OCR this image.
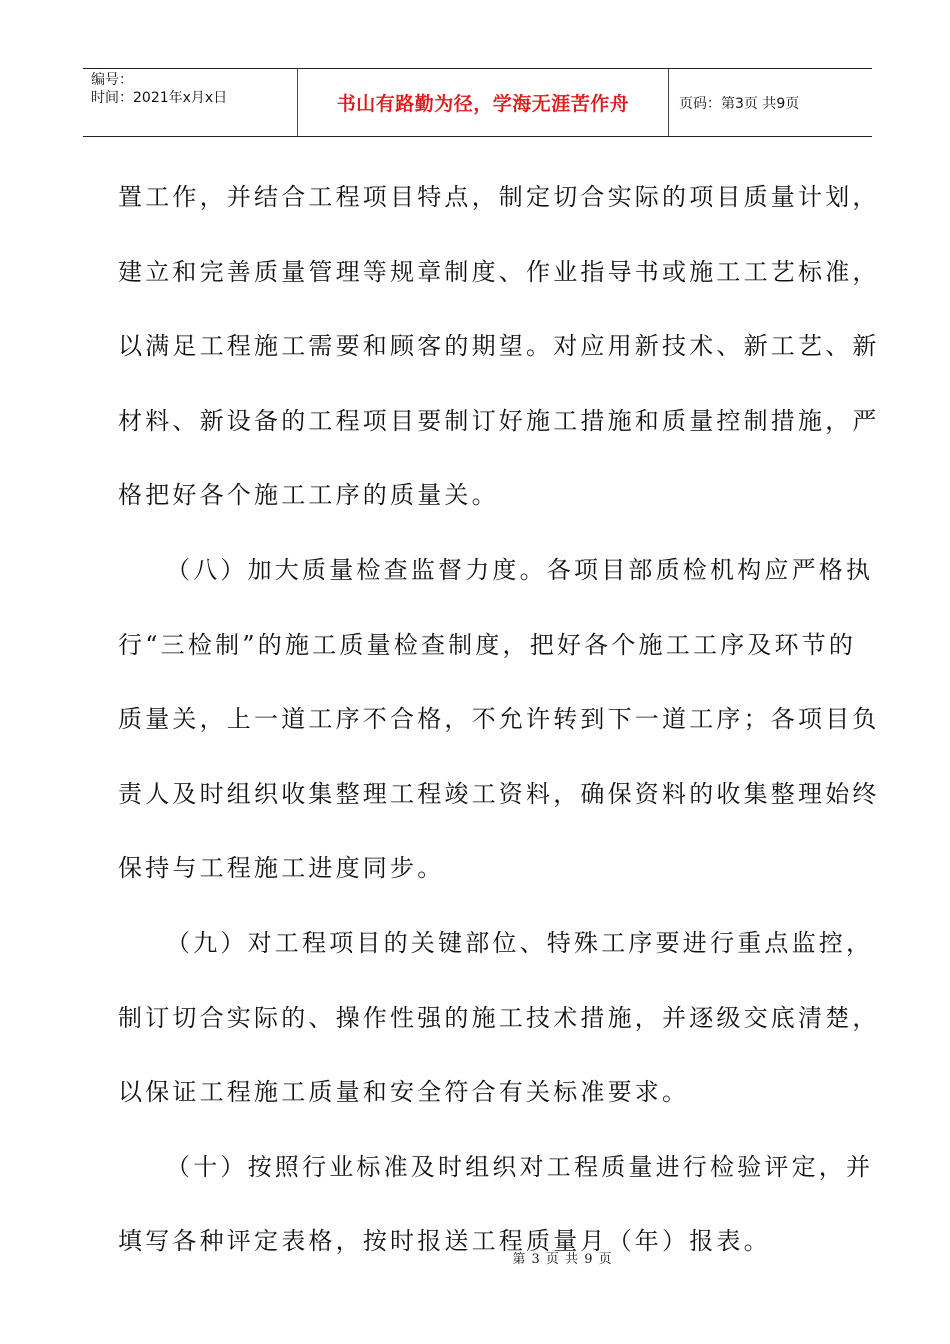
编号：
时间：2021年x月x日	书山有路勤为径，学海无涯苦作舟	页码：第3页 共9页
置工作，并结合工程项目特点，制定切合实际的项目质量计划，
建立和完善质量管理等规章制度、作业指导书或施工工艺标准，
以满足工程施工需要和顾客的期望。对应用新技术、新工艺、新
材料、新设备的工程项目要制订好施工措施和质量控制措施，严
格把好各个施工工序的质量关。
（八）加大质量检查监督力度。各项目部质检机构应严格执
行“三检制”的施工质量检查制度，把好各个施工工序及环节的
质量关，上一道工序不合格，不允许转到下一道工序；各项目负
责人及时组织收集整理工程竣工资料，确保资料的收集整理始终
保持与工程施工进度同步。
（九）对工程项目的关键部位、特殊工序要进行重点监控，
制订切合实际的、操作性强的施工技术措施，并逐级交底清楚，
以保证工程施工质量和安全符合有关标准要求。
（十）按照行业标准及时组织对工程质量进行检验评定，并
填写各种评定表格，按时报送工程质量月（年）报表。
第 3 页 共 9 页
